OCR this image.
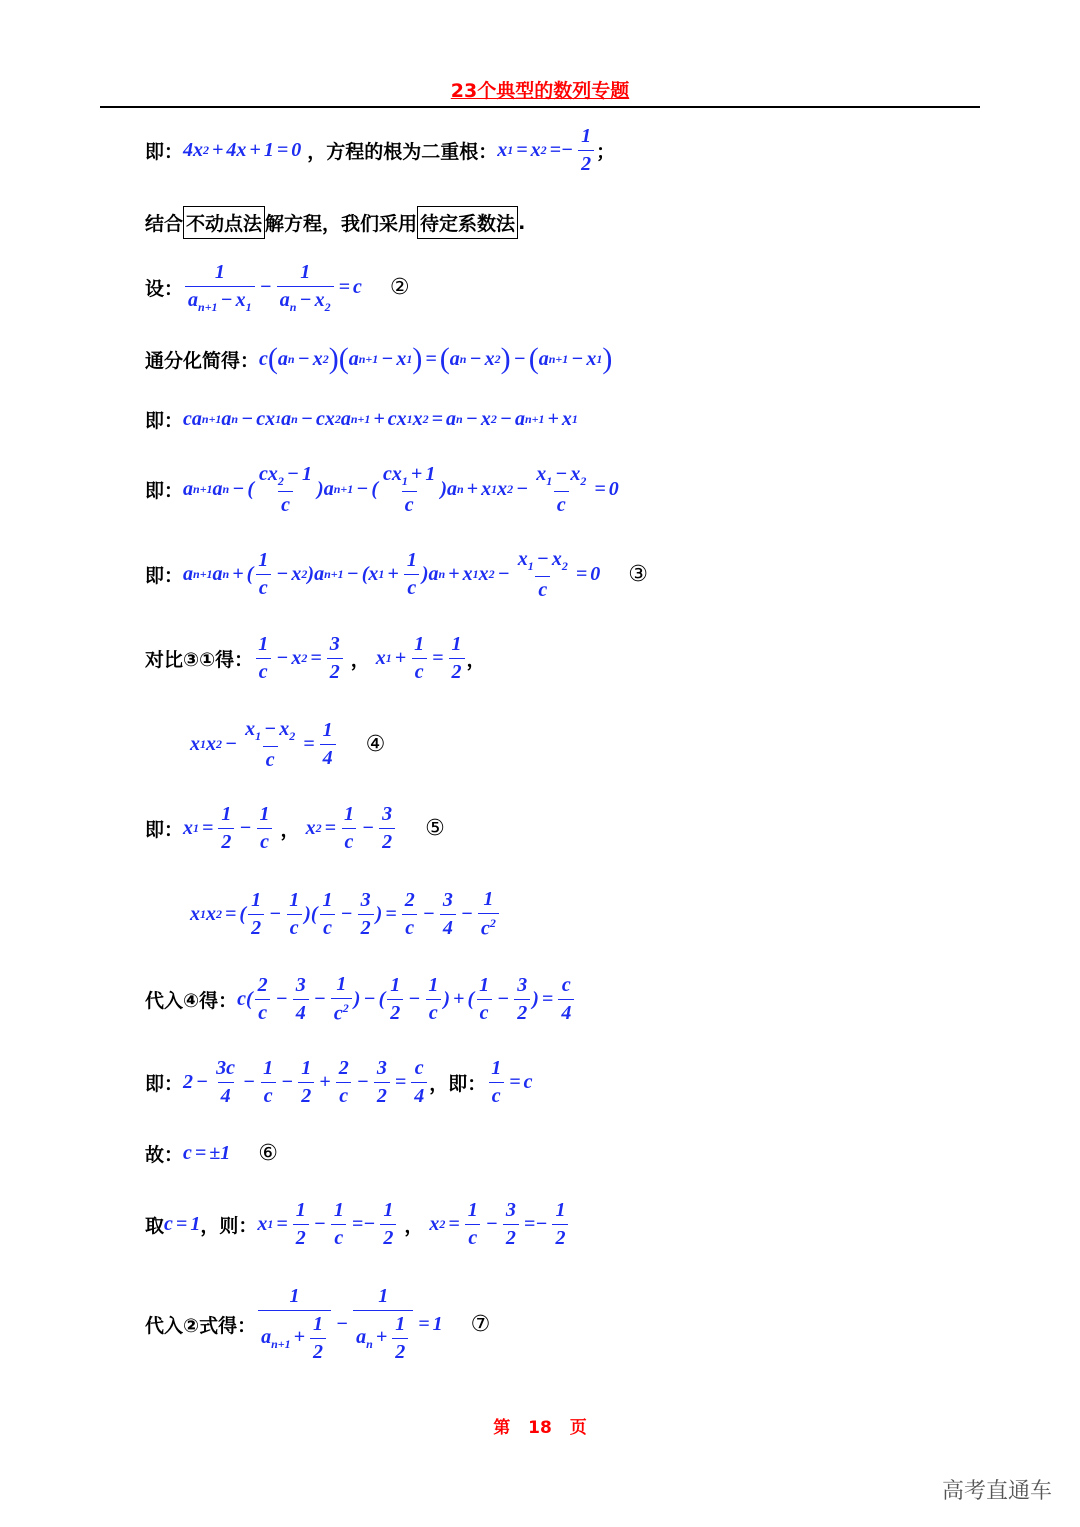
23个典型的数列专题
即： 4x 2 + 4x + 1 = 0 ，方程的根为二重根： x 1 = x $2 =- \frac{1}{2}$ ；
结合 不动点法 解方程，我们采用 待定系数法 .
设：
1
$a_{n+1} - x_1$
− $\frac{1}{a_n - x_2} = c$ ②
通分化简得： c ( a n − x 2 )( a n+1 − x 1 ) = ( a n − x 2 ) − ( a n+1 − x 1 )
即： ca n+1 a n − cx 1 a n − cx 2 a n+1 + cx 1 x 2 = a n − x 2 − a n+1 + x 1
即： a n+1 a n − ( $\frac{cx_2 - 1}{c} )a$ n+1 − ( $\frac{cx_1 + 1}{c} )a$ n + x 1 x $2 - \frac{x_1 - x_2}{c} = 0$
即： a n+1 a n + ( $\frac{1}{c} - x$ 2 )a n+1 − (x $1 + \frac{1}{c} )a$ n + x 1 x $2 - \frac{x_1 - x_2}{c} = 0$ ③
对比③①得：
1
c
− x $2 = \frac{3}{2}$ ， x $1 + \frac{1}{c} = \frac{1}{2}$ ，
x 1 x $2 - \frac{x_1 - x_2}{c} = \frac{1}{4}$ ④
即： x $1 = \frac{1}{2} - \frac{1}{c}$ ， x $2 = \frac{1}{c} - \frac{3}{2}$ ⑤
x 1 x 2 = ( $\frac{1}{2} - \frac{1}{c}$ )(
1
c
− $\frac{3}{2}$ ) = $\frac{2}{c} - \frac{3}{4} - \frac{1}{c^2}$
代入④得： c(
2
c
− $\frac{3}{4} - \frac{1}{c^2}$ ) − ( $\frac{1}{2} - \frac{1}{c}$ ) + ( $\frac{1}{c} - \frac{3}{2}$ ) = $\frac{c}{4}$
即： $2 - \frac{3c}{4} - \frac{1}{c} - \frac{1}{2} + \frac{2}{c} - \frac{3}{2} = \frac{c}{4}$ ，即： $\frac{1}{c} = c$
故： c = ±1 ⑥
取 c = 1 ，则： x $1 = \frac{1}{2} - \frac{1}{c} =- \frac{1}{2}$ ， x $2 = \frac{1}{c} - \frac{3}{2} =- \frac{1}{2}$
代入②式得：
1
$a_{n+1} + \frac{1}{2} - \frac{1}{a_n + \frac{1}{2}} = 1$ ⑦
第 18 页
高考直通车
